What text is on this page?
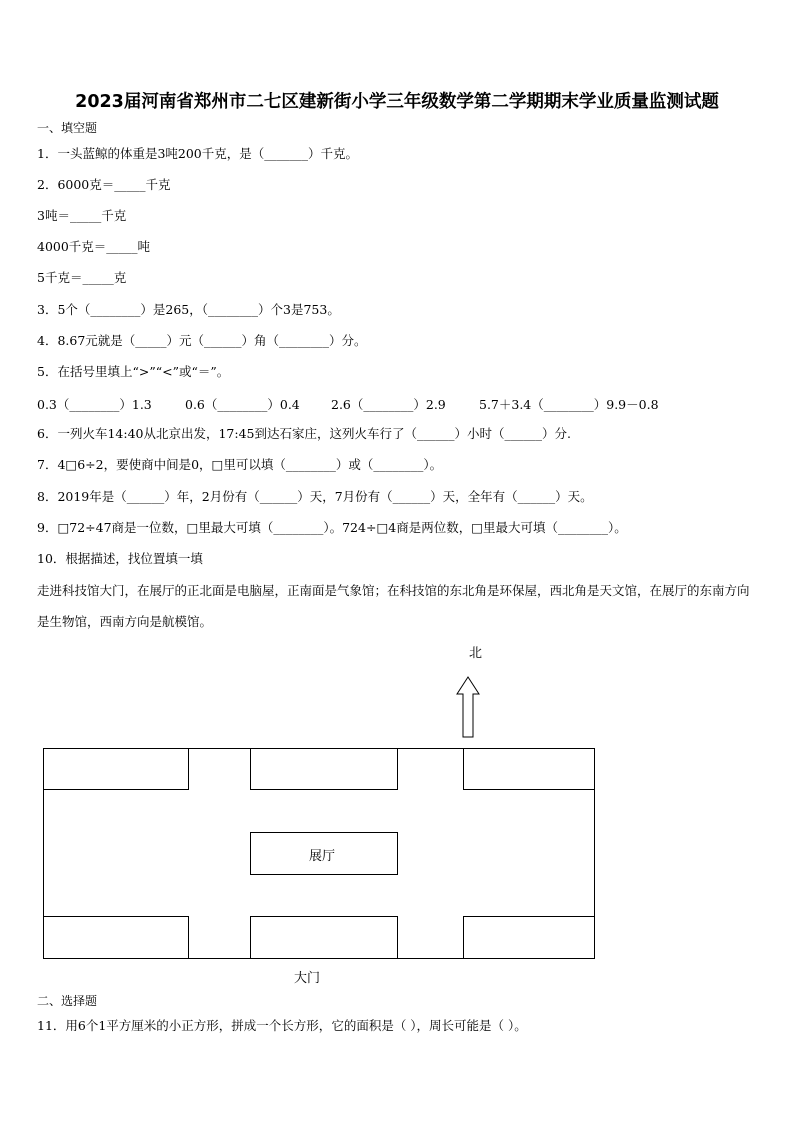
2023届河南省郑州市二七区建新街小学三年级数学第二学期期末学业质量监测试题
一、填空题
1．一头蓝鲸的体重是3吨200千克，是（_______）千克。
2．6000克＝_____千克
3吨＝_____千克
4000千克＝_____吨
5千克＝_____克
3．5个（________）是265，（________）个3是753。
4．8.67元就是（_____）元（______）角（________）分。
5．在括号里填上“>”“<”或“＝”。
0.3（________）1.3	0.6（________）0.4 2.6（________）2.9	5.7＋3.4（________）9.9－0.8
6．一列火车14:40从北京出发，17:45到达石家庄，这列火车行了（______）小时（______）分.
7．4□6÷2，要使商中间是0，□里可以填（________）或（________）。
8．2019年是（______）年，2月份有（______）天，7月份有（______）天，全年有（______）天。
9．□72÷47商是一位数，□里最大可填（________）。724÷□4商是两位数，□里最大可填（________）。
10．根据描述，找位置填一填
走进科技馆大门，在展厅的正北面是电脑屋，正南面是气象馆；在科技馆的东北角是环保屋，西北角是天文馆，在展厅的东南方向是生物馆，西南方向是航模馆。
北
展厅
大门
二、选择题
11．用6个1平方厘米的小正方形，拼成一个长方形，它的面积是（ ），周长可能是（ ）。
